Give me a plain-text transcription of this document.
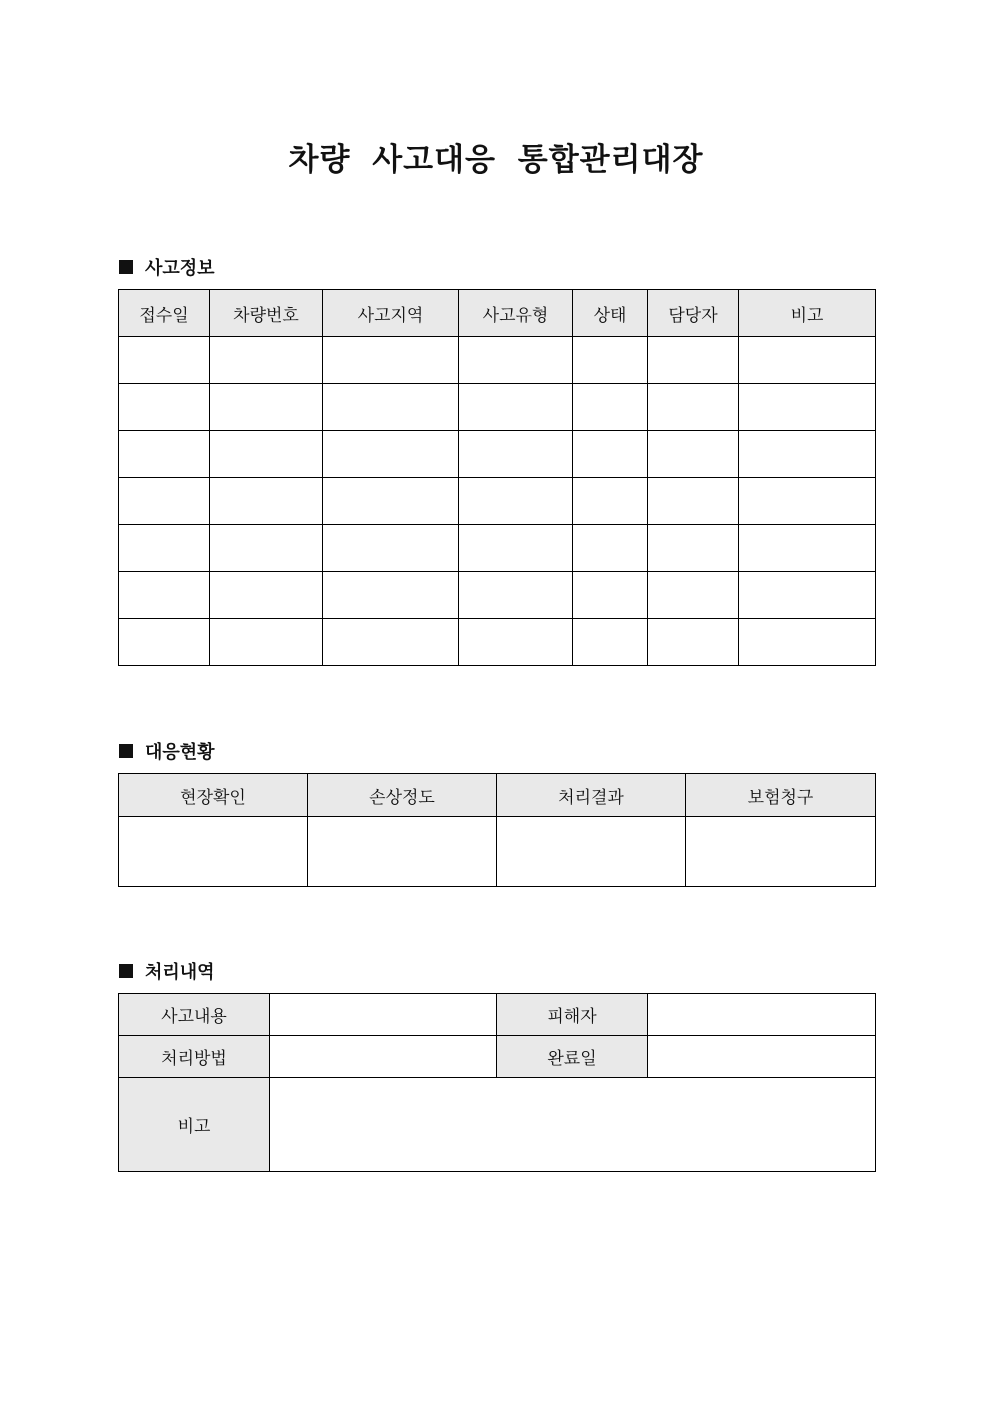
차량 사고대응 통합관리대장
사고정보
접수일	차량번호	사고지역	사고유형	상태	담당자	비고

대응현황
현장확인	손상정도	처리결과	보험청구

처리내역
사고내용		피해자	
처리방법		완료일	
비고			
